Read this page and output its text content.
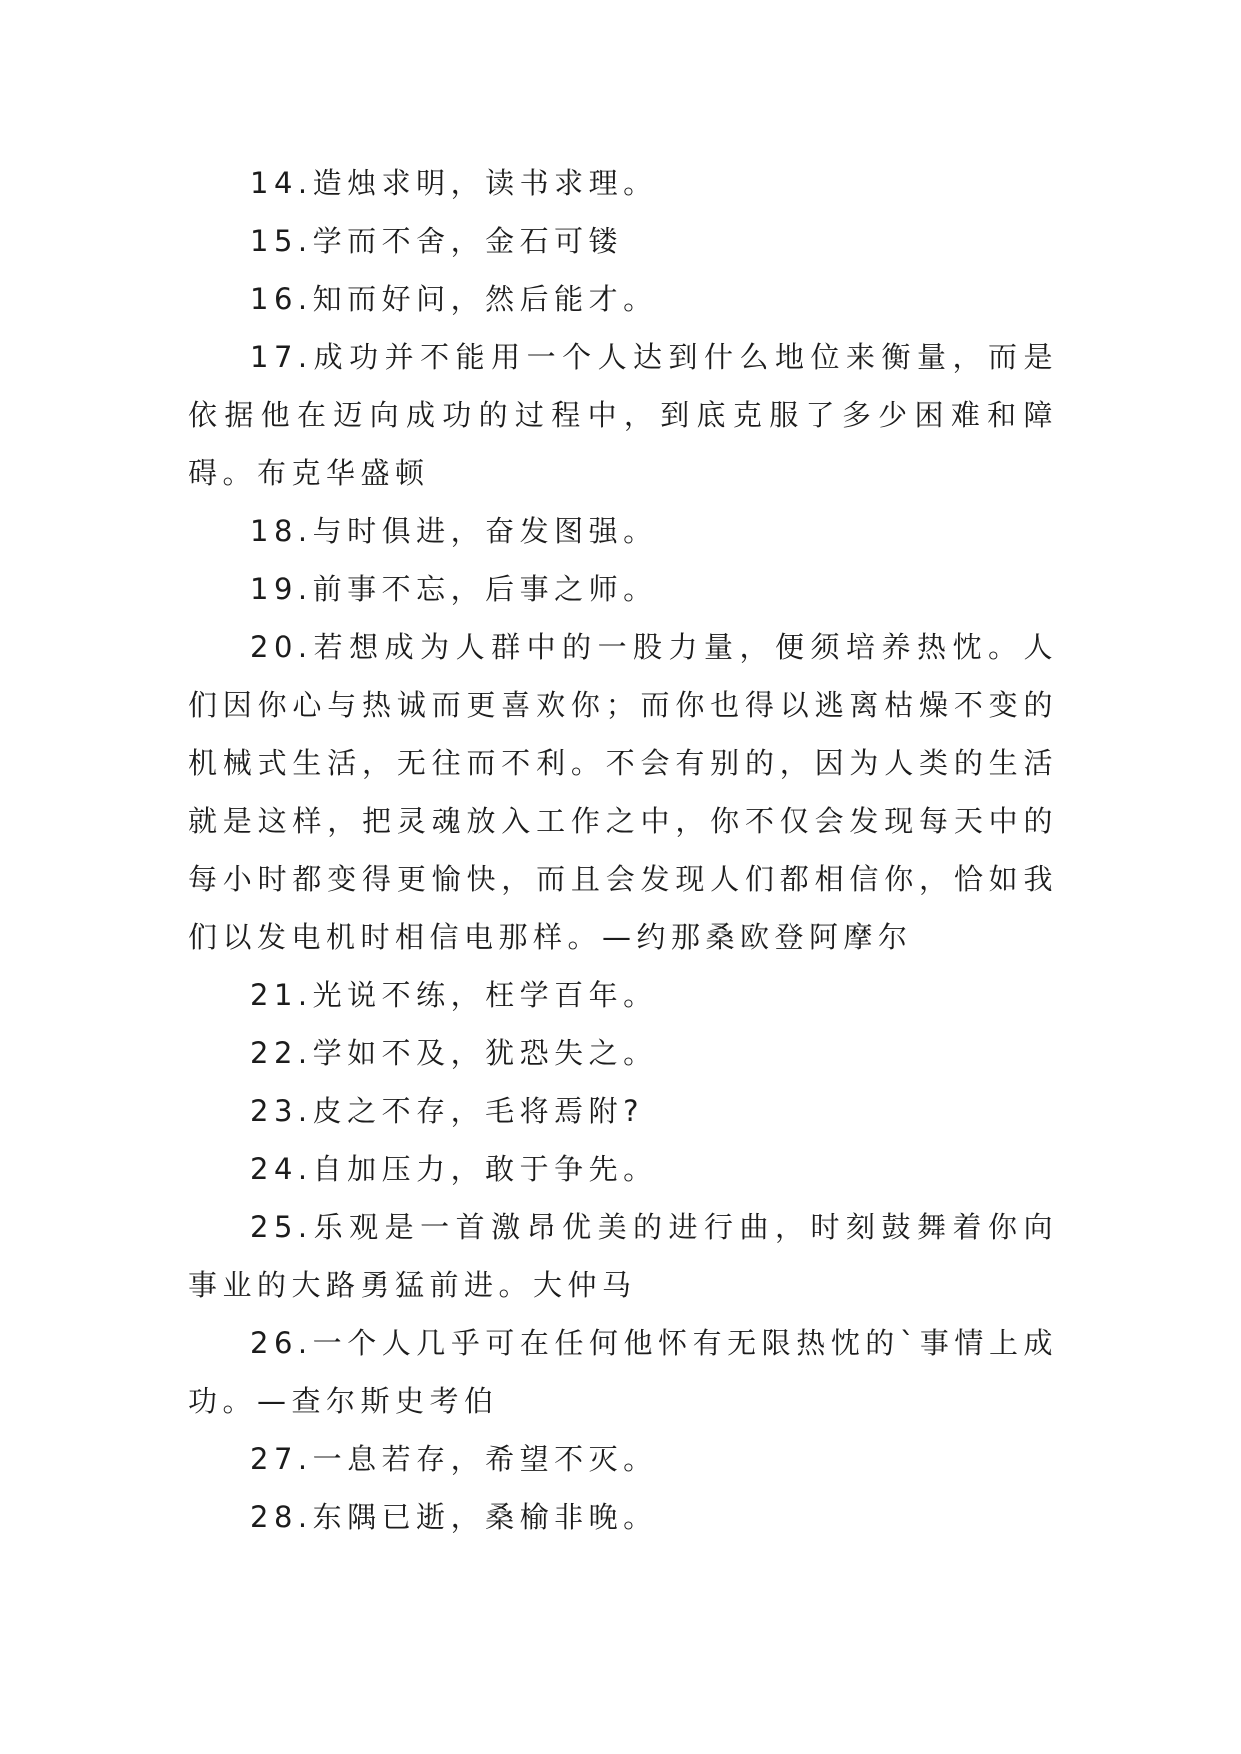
14.造烛求明，读书求理。

15.学而不舍，金石可镂

16.知而好问，然后能才。

17.成功并不能用一个人达到什么地位来衡量，而是依据他在迈向成功的过程中，到底克服了多少困难和障碍。布克华盛顿

18.与时俱进，奋发图强。

19.前事不忘，后事之师。

20.若想成为人群中的一股力量，便须培养热忱。人们因你心与热诚而更喜欢你；而你也得以逃离枯燥不变的机械式生活，无往而不利。不会有别的，因为人类的生活就是这样，把灵魂放入工作之中，你不仅会发现每天中的每小时都变得更愉快，而且会发现人们都相信你，恰如我们以发电机时相信电那样。—约那桑欧登阿摩尔

21.光说不练，枉学百年。

22.学如不及，犹恐失之。

23.皮之不存，毛将焉附?

24.自加压力，敢于争先。

25.乐观是一首激昂优美的进行曲，时刻鼓舞着你向事业的大路勇猛前进。大仲马

26.一个人几乎可在任何他怀有无限热忱的`事情上成功。—查尔斯史考伯

27.一息若存，希望不灭。

28.东隅已逝，桑榆非晚。
